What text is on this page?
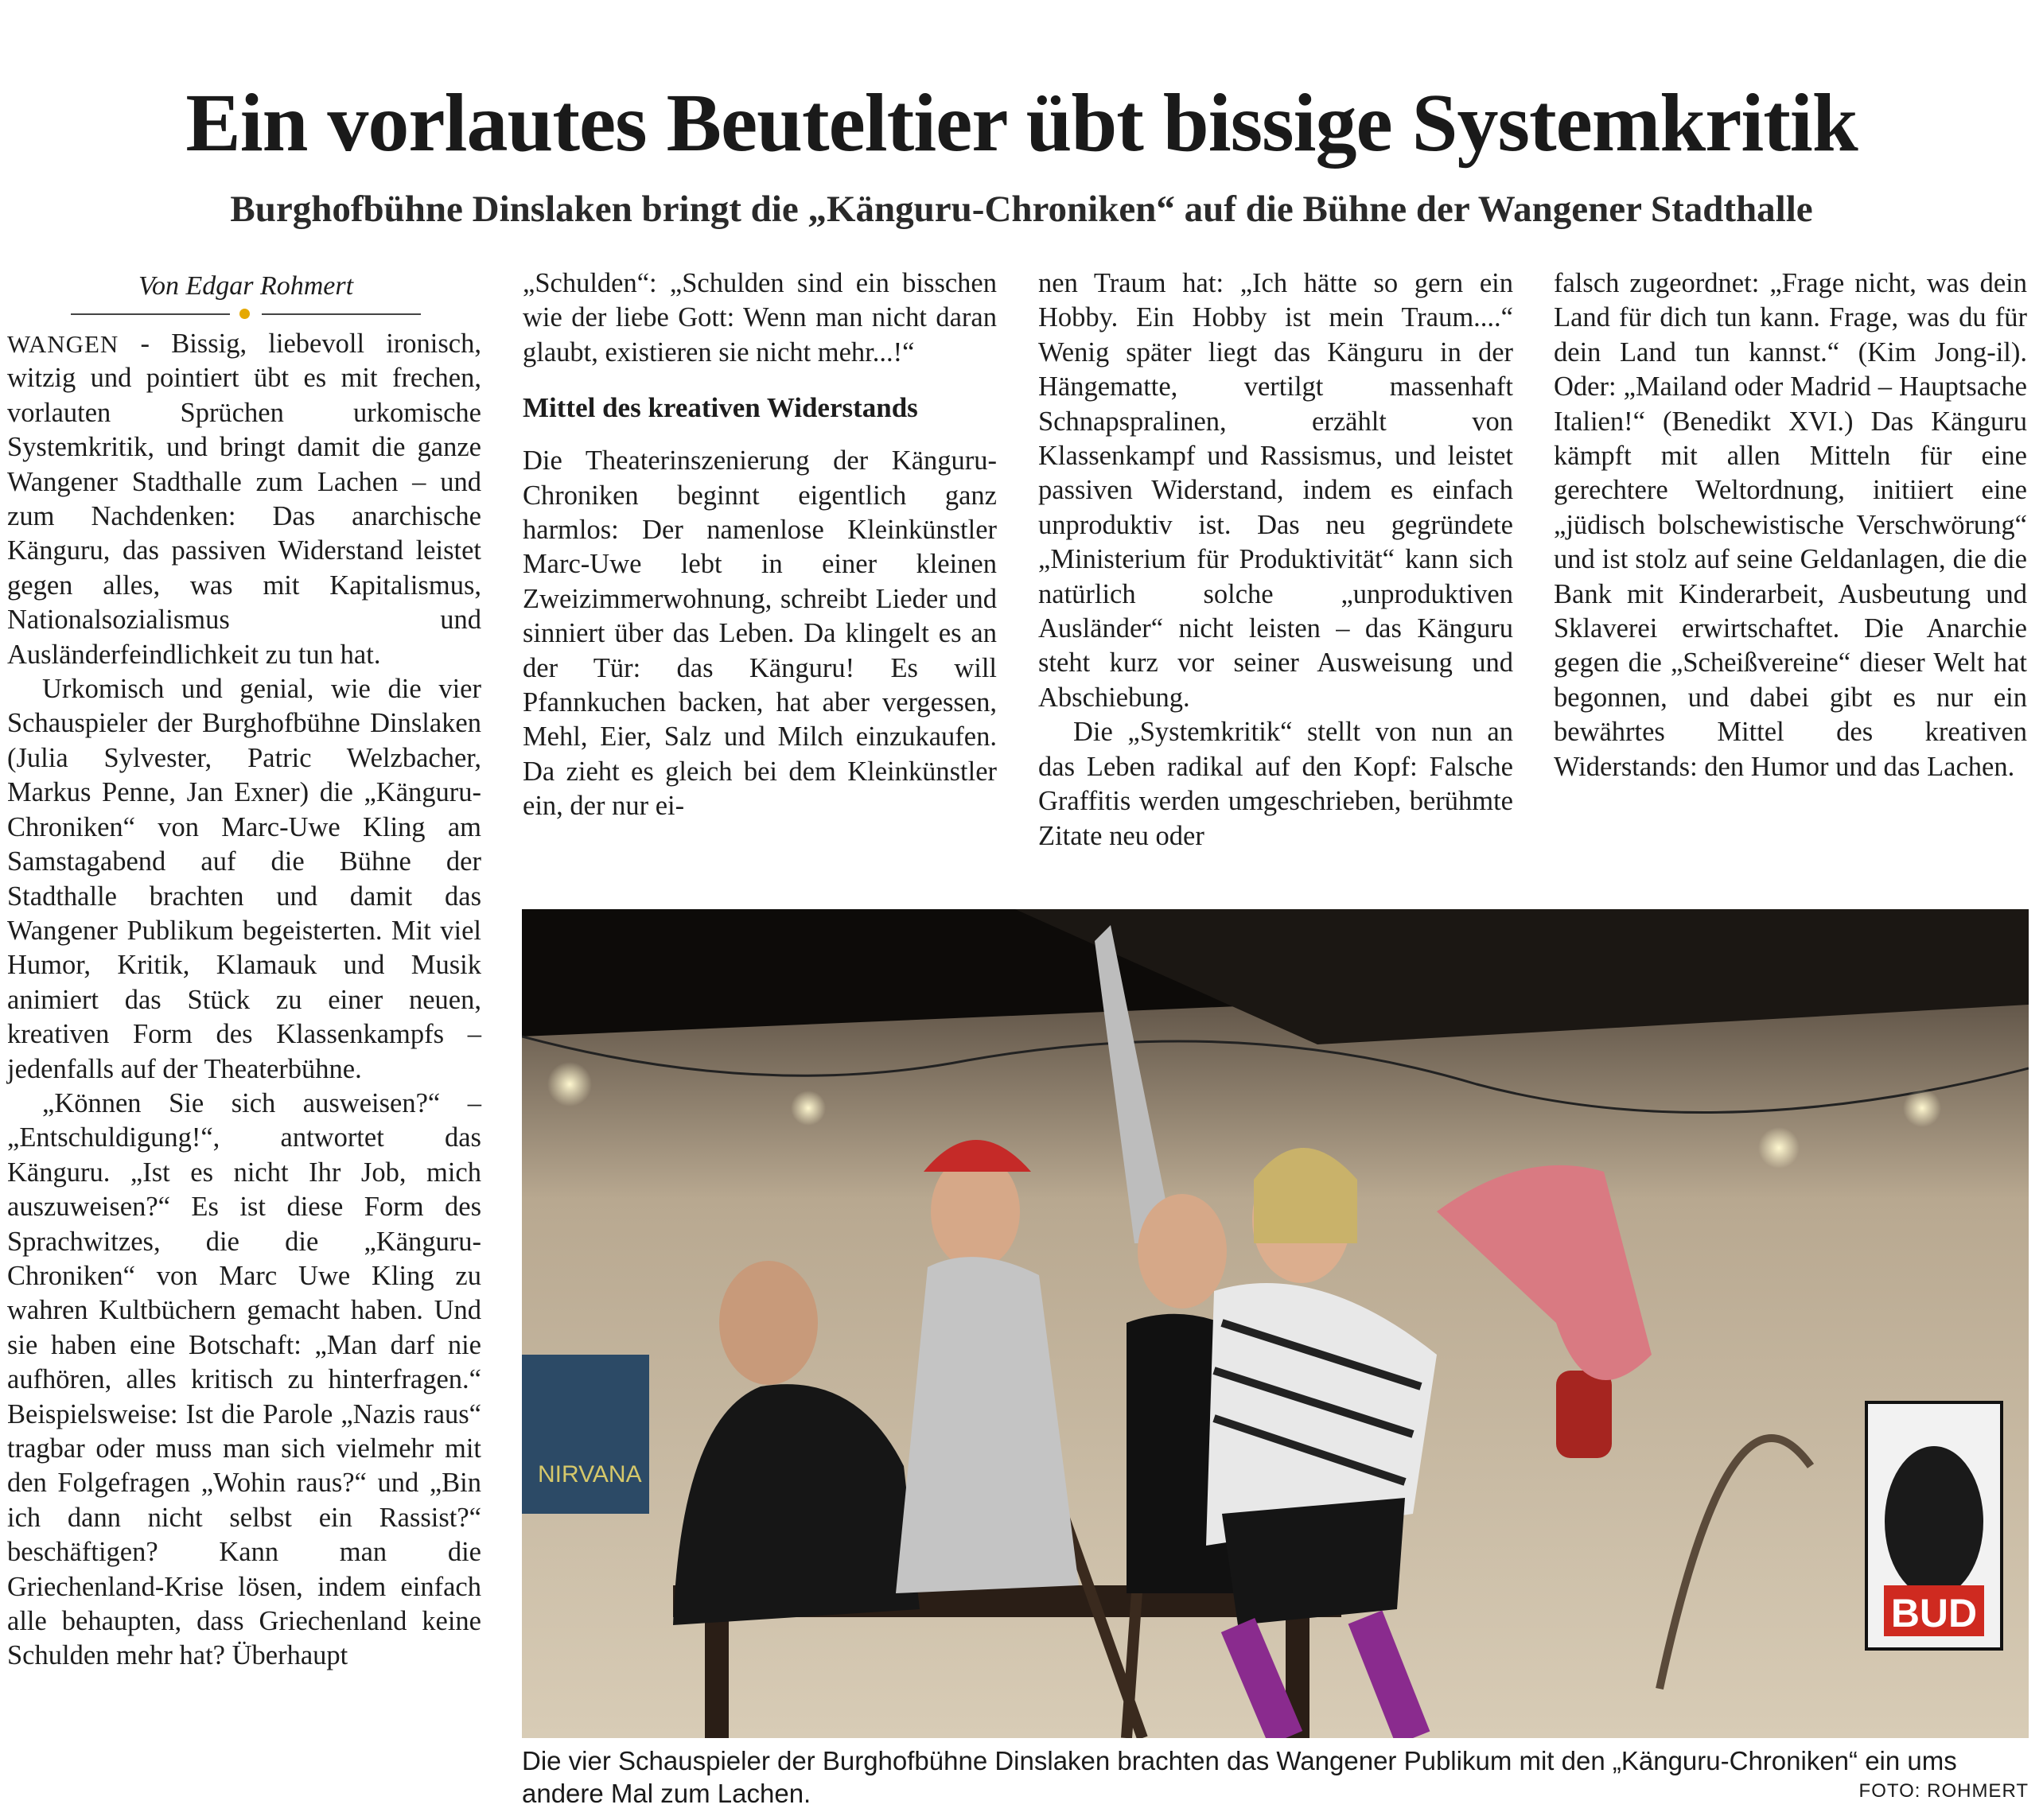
Ein vorlautes Beuteltier übt bissige Systemkritik
Burghofbühne Dinslaken bringt die „Känguru-Chroniken“ auf die Bühne der Wangener Stadthalle
Von Edgar Rohmert

WANGEN - Bissig, liebevoll ironisch, witzig und pointiert übt es mit frechen, vorlauten Sprüchen urkomische Systemkritik, und bringt damit die ganze Wangener Stadthalle zum Lachen – und zum Nachdenken: Das anarchische Känguru, das passiven Widerstand leistet gegen alles, was mit Kapitalismus, Nationalsozialismus und Ausländerfeindlichkeit zu tun hat.

Urkomisch und genial, wie die vier Schauspieler der Burghofbühne Dinslaken (Julia Sylvester, Patric Welzbacher, Markus Penne, Jan Exner) die „Känguru-Chroniken“ von Marc-Uwe Kling am Samstagabend auf die Bühne der Stadthalle brachten und damit das Wangener Publikum begeisterten. Mit viel Humor, Kritik, Klamauk und Musik animiert das Stück zu einer neuen, kreativen Form des Klassenkampfs – jedenfalls auf der Theaterbühne.

„Können Sie sich ausweisen?“ – „Entschuldigung!“, antwortet das Känguru. „Ist es nicht Ihr Job, mich auszuweisen?“ Es ist diese Form des Sprachwitzes, die die „Känguru-Chroniken“ von Marc Uwe Kling zu wahren Kultbüchern gemacht haben. Und sie haben eine Botschaft: „Man darf nie aufhören, alles kritisch zu hinterfragen.“ Beispielsweise: Ist die Parole „Nazis raus“ tragbar oder muss man sich vielmehr mit den Folgefragen „Wohin raus?“ und „Bin ich dann nicht selbst ein Rassist?“ beschäftigen? Kann man die Griechenland-Krise lösen, indem einfach alle behaupten, dass Griechenland keine Schulden mehr hat? Überhaupt

„Schulden“: „Schulden sind ein bisschen wie der liebe Gott: Wenn man nicht daran glaubt, existieren sie nicht mehr...!“

Mittel des kreativen Widerstands

Die Theaterinszenierung der Känguru-Chroniken beginnt eigentlich ganz harmlos: Der namenlose Kleinkünstler Marc-Uwe lebt in einer kleinen Zweizimmerwohnung, schreibt Lieder und sinniert über das Leben. Da klingelt es an der Tür: das Känguru! Es will Pfannkuchen backen, hat aber vergessen, Mehl, Eier, Salz und Milch einzukaufen. Da zieht es gleich bei dem Kleinkünstler ein, der nur ei-

nen Traum hat: „Ich hätte so gern ein Hobby. Ein Hobby ist mein Traum....“ Wenig später liegt das Känguru in der Hängematte, vertilgt massenhaft Schnapspralinen, erzählt von Klassenkampf und Rassismus, und leistet passiven Widerstand, indem es einfach unproduktiv ist. Das neu gegründete „Ministerium für Produktivität“ kann sich natürlich solche „unproduktiven Ausländer“ nicht leisten – das Känguru steht kurz vor seiner Ausweisung und Abschiebung.

Die „Systemkritik“ stellt von nun an das Leben radikal auf den Kopf: Falsche Graffitis werden umgeschrieben, berühmte Zitate neu oder

falsch zugeordnet: „Frage nicht, was dein Land für dich tun kann. Frage, was du für dein Land tun kannst.“ (Kim Jong-il). Oder: „Mailand oder Madrid – Hauptsache Italien!“ (Benedikt XVI.) Das Känguru kämpft mit allen Mitteln für eine gerechtere Weltordnung, initiiert eine „jüdisch bolschewistische Verschwörung“ und ist stolz auf seine Geldanlagen, die die Bank mit Kinderarbeit, Ausbeutung und Sklaverei erwirtschaftet. Die Anarchie gegen die „Scheißvereine“ dieser Welt hat begonnen, und dabei gibt es nur ein bewährtes Mittel des kreativen Widerstands: den Humor und das Lachen.

NIRVANA
BUD

Die vier Schauspieler der Burghofbühne Dinslaken brachten das Wangener Publikum mit den „Känguru-Chroniken“ ein ums andere Mal zum Lachen.	FOTO: ROHMERT
